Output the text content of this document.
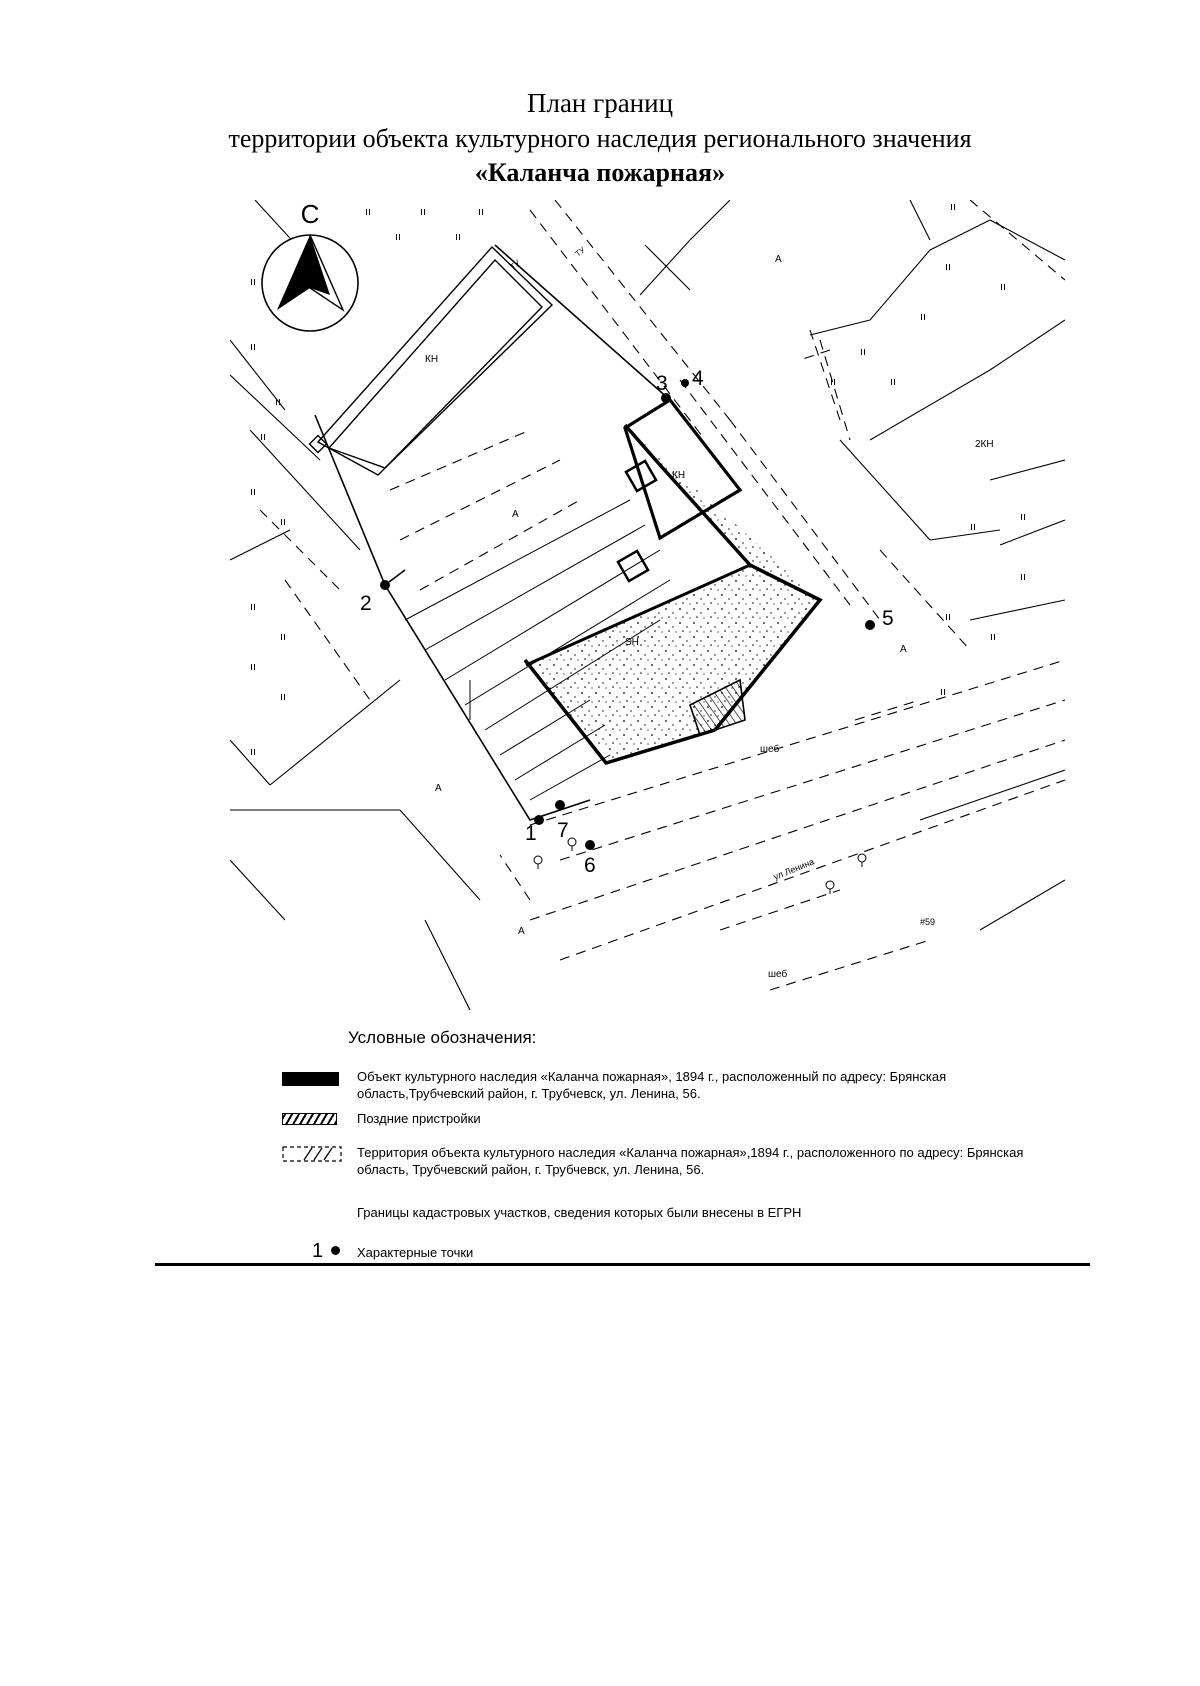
План границ
территории объекта культурного наследия регионального значения
«Каланча пожарная»
С
КН
КН
2КН
А
А
А
А
А
шеб
шеб
SН
ТУ
ТУ
ул Ленина
#59
ıı	ıı	ıı
ıı	ıı
ıı
ıı
ıı
ıı
ıı
ıı
ıı
ıı
ıı
ıı
ıı
ıı
ıı
ıı
ıı
ıı	ıı
ıı
ıı
ıı
ıı
ıı
ıı
ıı
1
2
3 4
5
6
7
Условные обозначения:
Объект культурного наследия «Каланча пожарная», 1894 г., расположенный по адресу: Брянская область,Трубчевский район, г. Трубчевск, ул. Ленина, 56.
Поздние пристройки
Территория объекта культурного наследия «Каланча пожарная»,1894 г., расположенного по адресу: Брянская область, Трубчевский район, г. Трубчевск, ул. Ленина, 56.
Границы кадастровых участков, сведения которых были внесены в ЕГРН
1	Характерные точки
